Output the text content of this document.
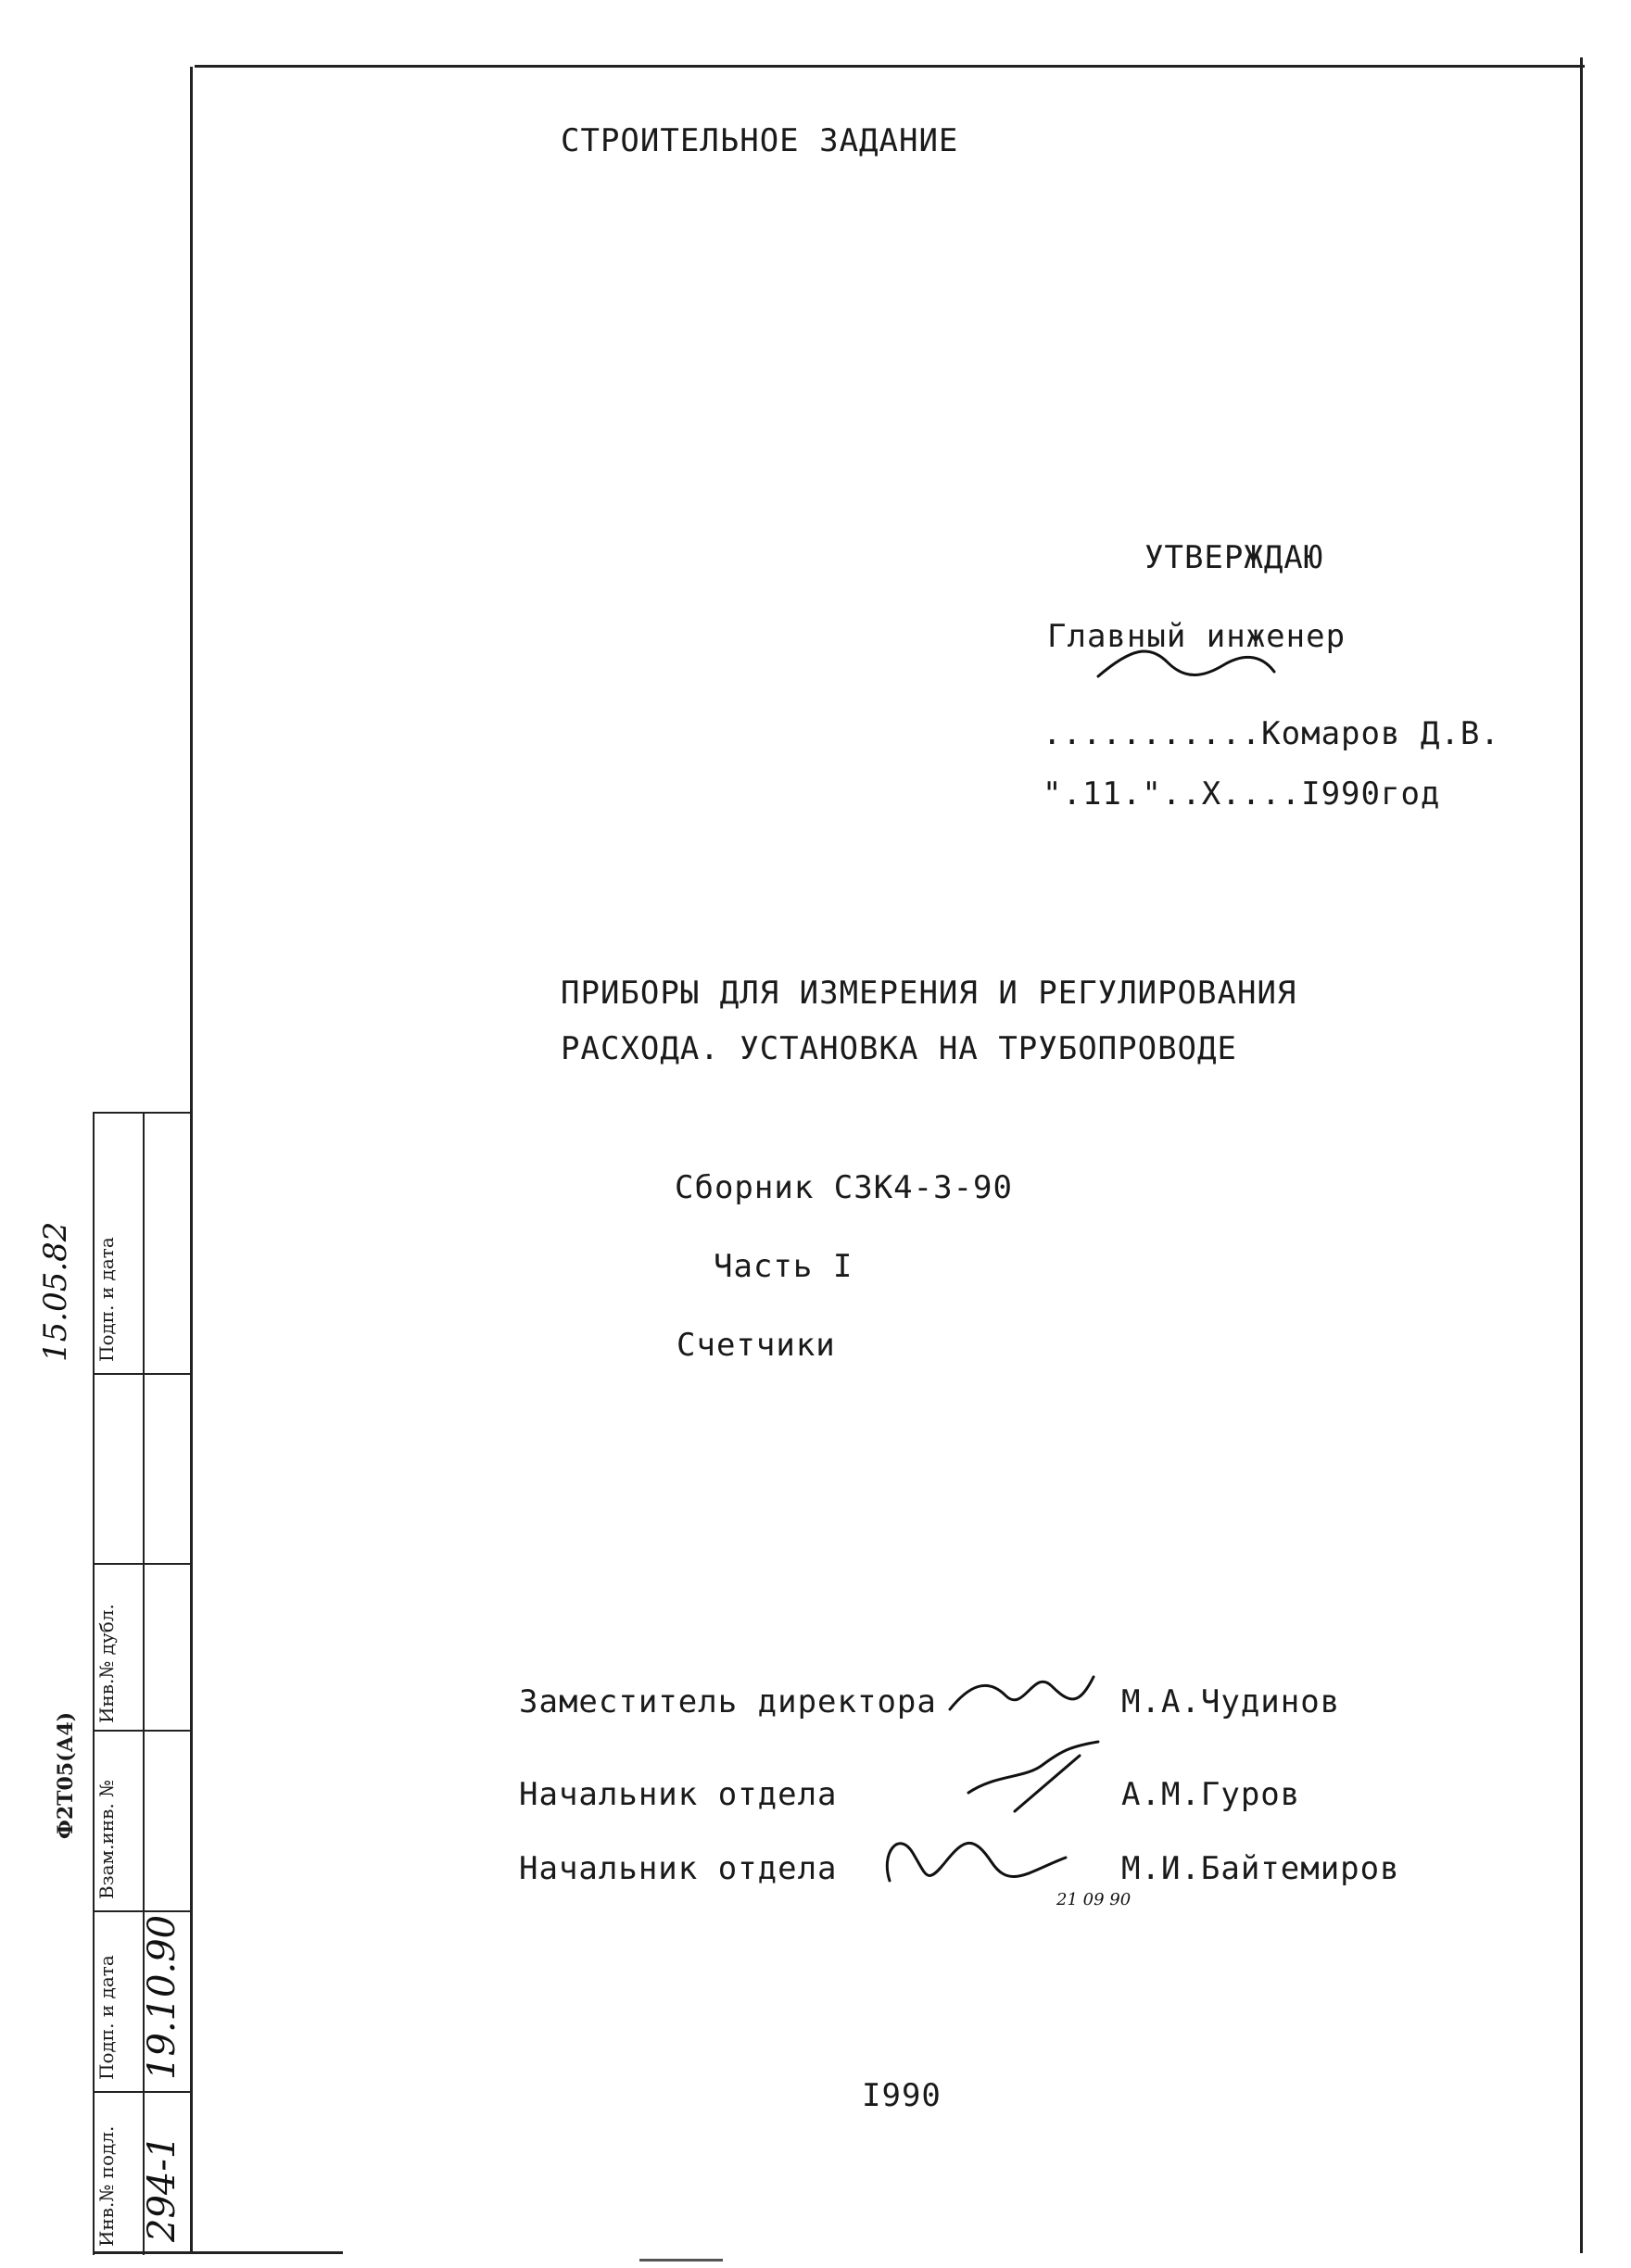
СТРОИТЕЛЬНОЕ ЗАДАНИЕ
УТВЕРЖДАЮ
Главный инженер
...........Комаров Д.В.
".11."..X....I990год
ПРИБОРЫ ДЛЯ ИЗМЕРЕНИЯ И РЕГУЛИРОВАНИЯ
РАСХОДА. УСТАНОВКА НА ТРУБОПРОВОДЕ
Сборник СЗК4-3-90
Часть I
Счетчики
Заместитель директора	М.А.Чудинов
Начальник отдела	А.М.Гуров
Начальник отдела
21 09 90
М.И.Байтемиров
I990
Инв.№ подл.
Подп. и дата
Взам.инв. №
Инв.№ дубл.
Подп. и дата
294-1
19.10.90
15.05.82
Ф2Т05(А4)
